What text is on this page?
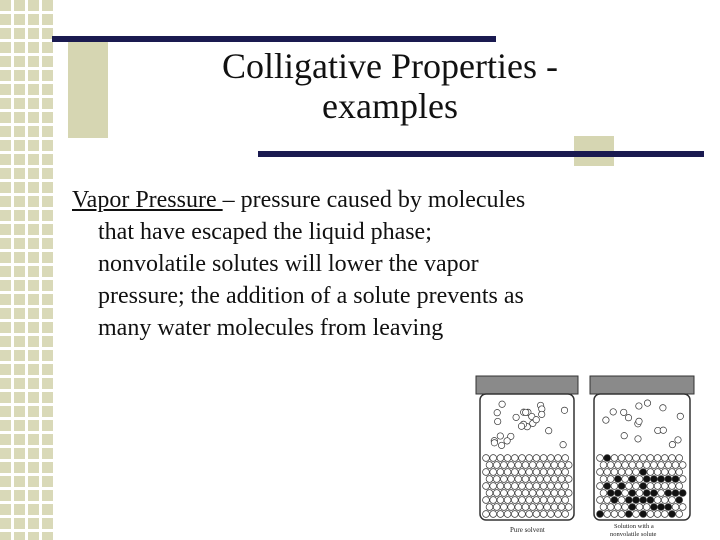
Colligative Properties -
examples

Vapor Pressure – pressure caused by molecules
that have escaped the liquid phase;
nonvolatile solutes will lower the vapor
pressure; the addition of a solute prevents as
many water molecules from leaving

Pure solvent	Solution with a
nonvolatile solute
